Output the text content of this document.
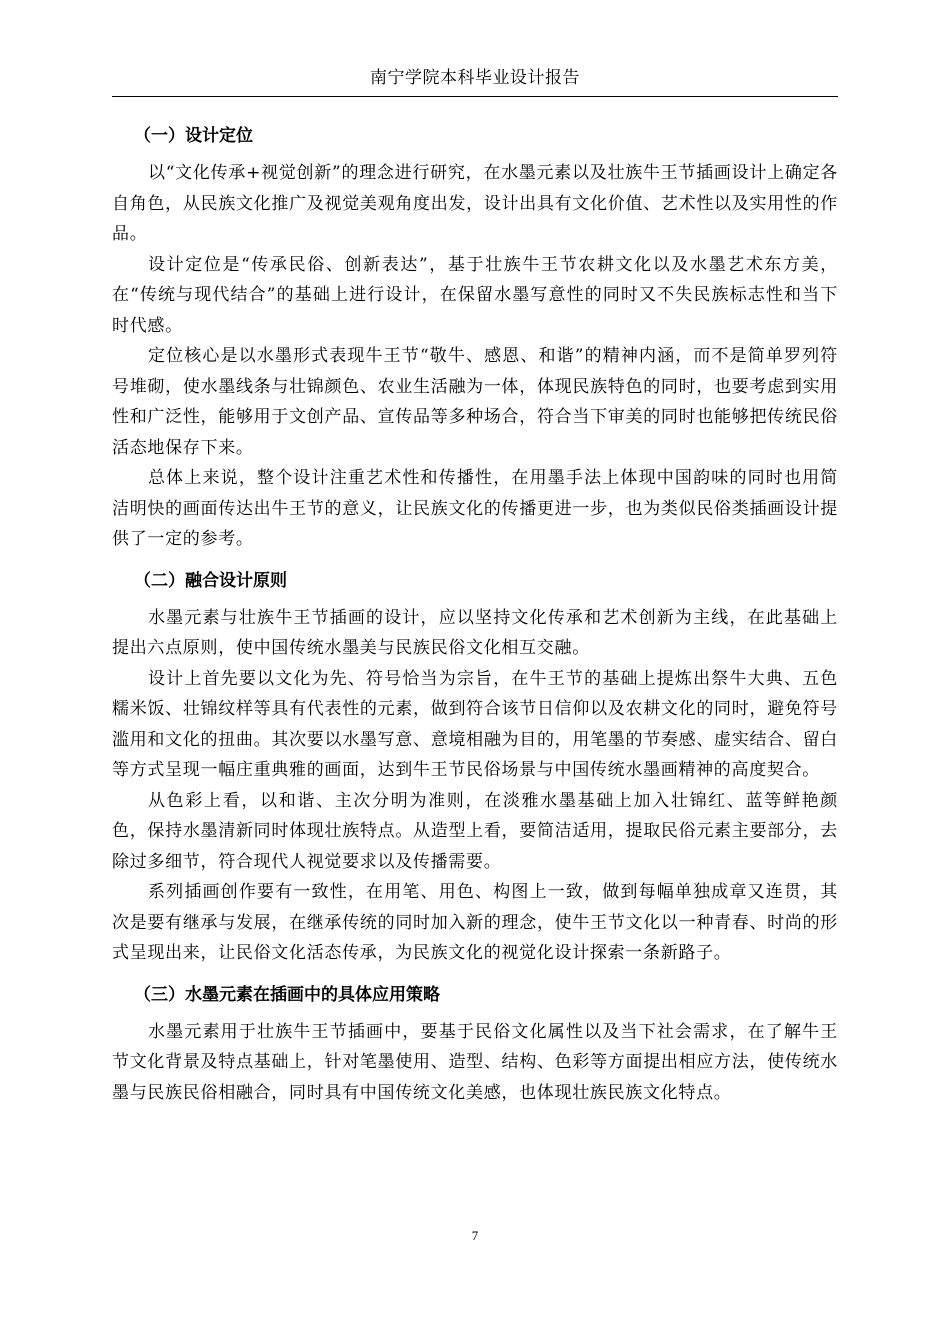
南宁学院本科毕业设计报告
（一）设计定位

以“文化传承+视觉创新”的理念进行研究，在水墨元素以及壮族牛王节插画设计上确定各自角色，从民族文化推广及视觉美观角度出发，设计出具有文化价值、艺术性以及实用性的作品。

设计定位是“传承民俗、创新表达”，基于壮族牛王节农耕文化以及水墨艺术东方美，在“传统与现代结合”的基础上进行设计，在保留水墨写意性的同时又不失民族标志性和当下时代感。

定位核心是以水墨形式表现牛王节“敬牛、感恩、和谐”的精神内涵，而不是简单罗列符号堆砌，使水墨线条与壮锦颜色、农业生活融为一体，体现民族特色的同时，也要考虑到实用性和广泛性，能够用于文创产品、宣传品等多种场合，符合当下审美的同时也能够把传统民俗活态地保存下来。

总体上来说，整个设计注重艺术性和传播性，在用墨手法上体现中国韵味的同时也用简洁明快的画面传达出牛王节的意义，让民族文化的传播更进一步，也为类似民俗类插画设计提供了一定的参考。

（二）融合设计原则

水墨元素与壮族牛王节插画的设计，应以坚持文化传承和艺术创新为主线，在此基础上提出六点原则，使中国传统水墨美与民族民俗文化相互交融。

设计上首先要以文化为先、符号恰当为宗旨，在牛王节的基础上提炼出祭牛大典、五色糯米饭、壮锦纹样等具有代表性的元素，做到符合该节日信仰以及农耕文化的同时，避免符号滥用和文化的扭曲。其次要以水墨写意、意境相融为目的，用笔墨的节奏感、虚实结合、留白等方式呈现一幅庄重典雅的画面，达到牛王节民俗场景与中国传统水墨画精神的高度契合。

从色彩上看，以和谐、主次分明为准则，在淡雅水墨基础上加入壮锦红、蓝等鲜艳颜色，保持水墨清新同时体现壮族特点。从造型上看，要简洁适用，提取民俗元素主要部分，去除过多细节，符合现代人视觉要求以及传播需要。

系列插画创作要有一致性，在用笔、用色、构图上一致，做到每幅单独成章又连贯，其次是要有继承与发展，在继承传统的同时加入新的理念，使牛王节文化以一种青春、时尚的形式呈现出来，让民俗文化活态传承，为民族文化的视觉化设计探索一条新路子。

（三）水墨元素在插画中的具体应用策略

水墨元素用于壮族牛王节插画中，要基于民俗文化属性以及当下社会需求，在了解牛王节文化背景及特点基础上，针对笔墨使用、造型、结构、色彩等方面提出相应方法，使传统水墨与民族民俗相融合，同时具有中国传统文化美感，也体现壮族民族文化特点。

7
